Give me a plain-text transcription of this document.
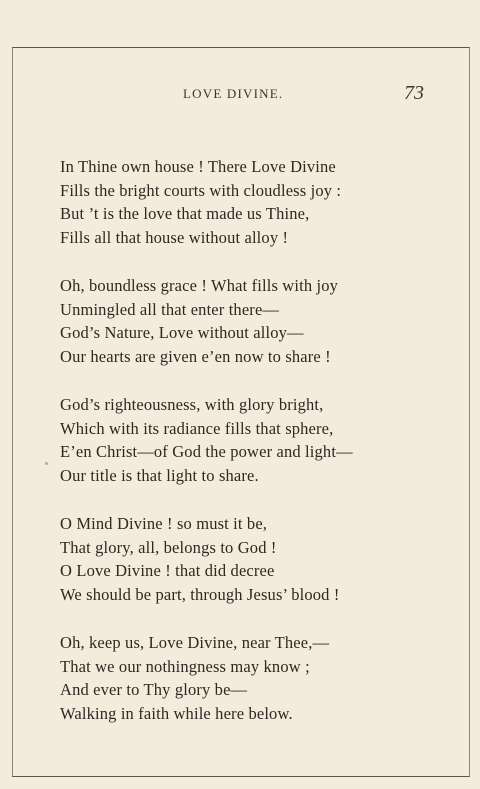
LOVE DIVINE.	73
In Thine own house ! There Love Divine
Fills the bright courts with cloudless joy :
But ’t is the love that made us Thine,
Fills all that house without alloy !
Oh, boundless grace ! What fills with joy
Unmingled all that enter there—
God’s Nature, Love without alloy—
Our hearts are given e’en now to share !
God’s righteousness, with glory bright,
Which with its radiance fills that sphere,
E’en Christ—of God the power and light—
Our title is that light to share.
O Mind Divine ! so must it be,
That glory, all, belongs to God !
O Love Divine ! that did decree
We should be part, through Jesus’ blood !
Oh, keep us, Love Divine, near Thee,—
That we our nothingness may know ;
And ever to Thy glory be—
Walking in faith while here below.
